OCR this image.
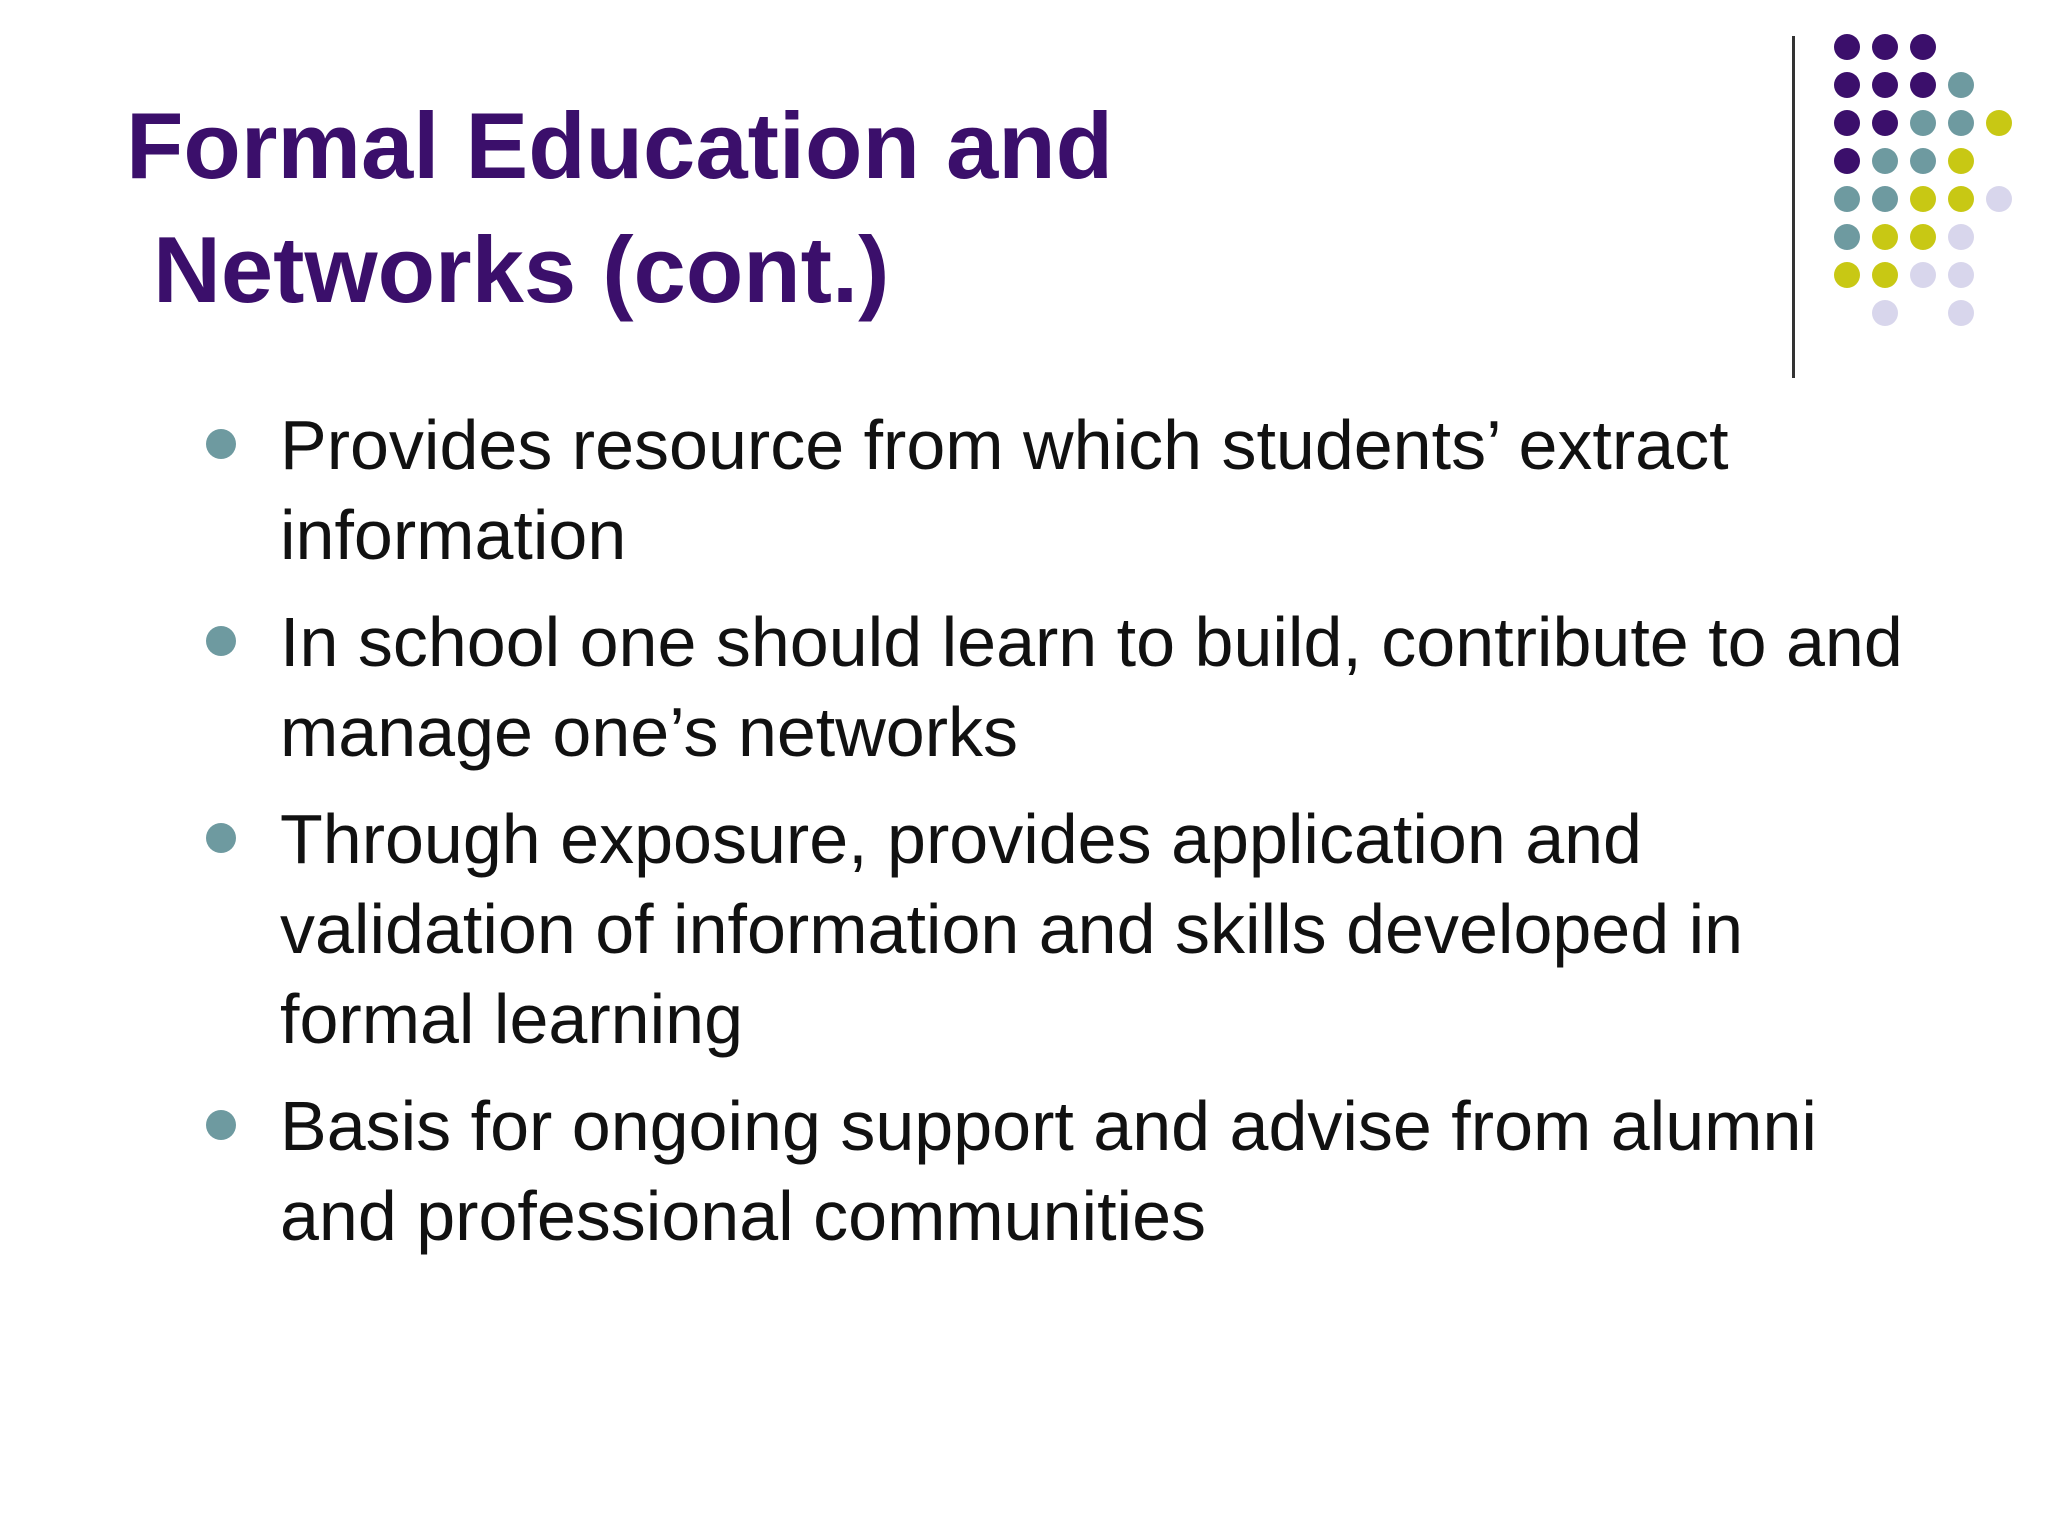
Formal Education and
Networks (cont.)
Provides resource from which students’ extract information
In school one should learn to build, contribute to and manage one’s networks
Through exposure, provides application and validation of information and skills developed in formal learning
Basis for ongoing support and advise from alumni and professional communities
